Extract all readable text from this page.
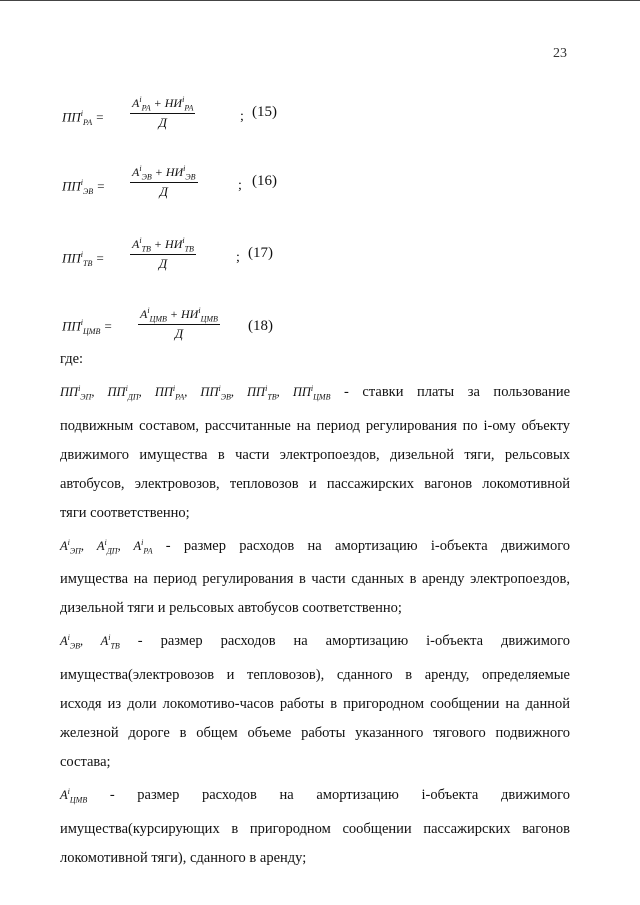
23
$ПП^i_{РА}$ =
$A^i_{РА} + НИ^i_{РА}$
Д	; (15)
$ПП^i_{ЭВ}$ =
$A^i_{ЭВ} + НИ^i_{ЭВ}$
Д	; (16)
$ПП^i_{ТВ}$ =
$A^i_{ТВ} + НИ^i_{ТВ}$
Д	; (17)
$ПП^i_{ЦМВ}$ =
$A^i_{ЦМВ} + НИ^i_{ЦМВ}$
Д	(18)

где:

$ПП^i_{ЭП}$, $ПП^i_{ДП}$, $ПП^i_{РА}$, $ПП^i_{ЭВ}$, $ПП^i_{ТВ}$, $ПП^i_{ЦМВ}$ - ставки платы за пользование

подвижным составом, рассчитанные на период регулирования по i-ому объекту

движимого имущества в части электропоездов, дизельной тяги, рельсовых

автобусов, электровозов, тепловозов и пассажирских вагонов локомотивной

тяги соответственно;

$A^i_{ЭП}$, $A^i_{ДП}$, $A^i_{РА}$ - размер расходов на амортизацию i-объекта движимого

имущества на период регулирования в части сданных в аренду электропоездов,

дизельной тяги и рельсовых автобусов соответственно;

$A^i_{ЭВ}$, $A^i_{ТВ}$ - размер расходов на амортизацию i-объекта движимого

имущества(электровозов и тепловозов), сданного в аренду, определяемые

исходя из доли локомотиво-часов работы в пригородном сообщении на данной

железной дороге в общем объеме работы указанного тягового подвижного

состава;

$A^i_{ЦМВ}$ - размер расходов на амортизацию i-объекта движимого

имущества(курсирующих в пригородном сообщении пассажирских вагонов

локомотивной тяги), сданного в аренду;
